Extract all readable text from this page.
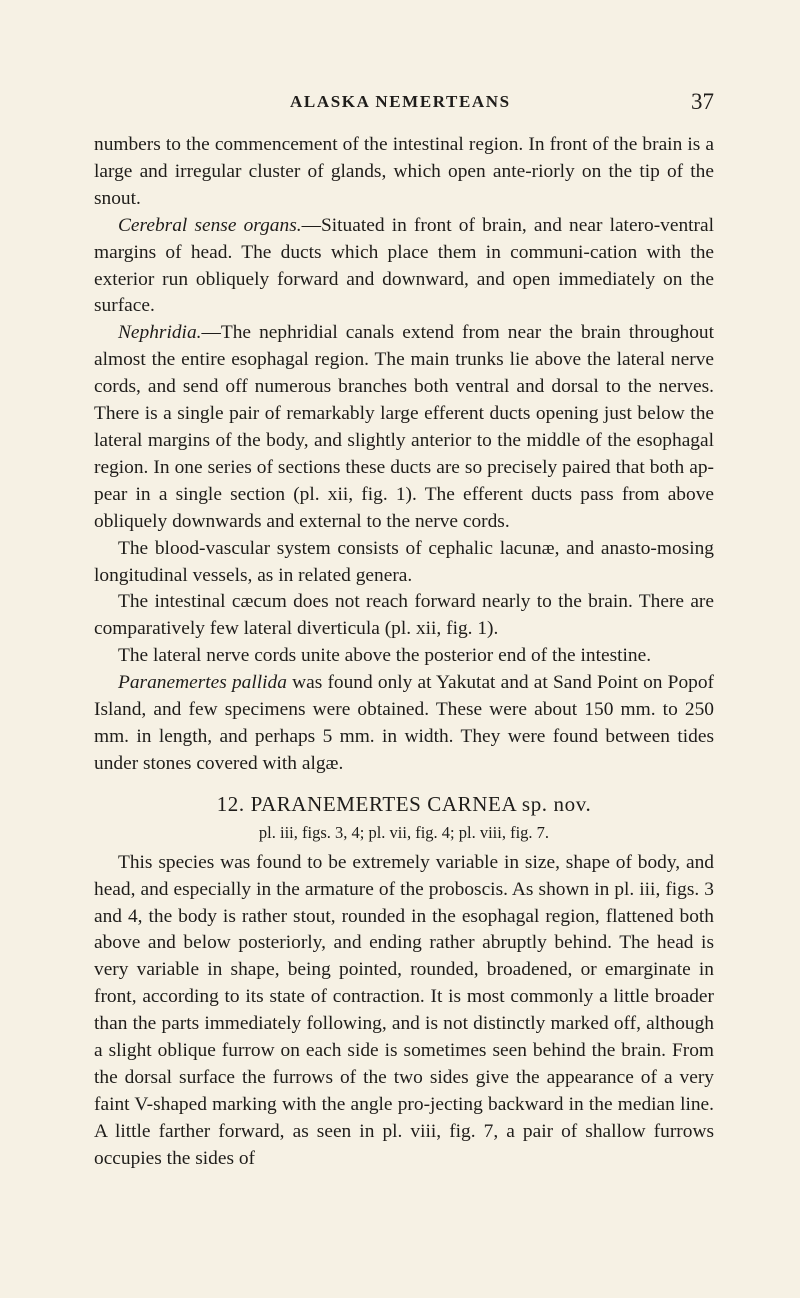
ALASKA NEMERTEANS	37

numbers to the commencement of the intestinal region. In front of the brain is a large and irregular cluster of glands, which open ante-riorly on the tip of the snout.

Cerebral sense organs.—Situated in front of brain, and near latero-ventral margins of head. The ducts which place them in communi-cation with the exterior run obliquely forward and downward, and open immediately on the surface.

Nephridia.—The nephridial canals extend from near the brain throughout almost the entire esophagal region. The main trunks lie above the lateral nerve cords, and send off numerous branches both ventral and dorsal to the nerves. There is a single pair of remarkably large efferent ducts opening just below the lateral margins of the body, and slightly anterior to the middle of the esophagal region. In one series of sections these ducts are so precisely paired that both ap-pear in a single section (pl. xii, fig. 1). The efferent ducts pass from above obliquely downwards and external to the nerve cords.

The blood-vascular system consists of cephalic lacunæ, and anasto-mosing longitudinal vessels, as in related genera.

The intestinal cæcum does not reach forward nearly to the brain. There are comparatively few lateral diverticula (pl. xii, fig. 1).

The lateral nerve cords unite above the posterior end of the intestine.

Paranemertes pallida was found only at Yakutat and at Sand Point on Popof Island, and few specimens were obtained. These were about 150 mm. to 250 mm. in length, and perhaps 5 mm. in width. They were found between tides under stones covered with algæ.

12. PARANEMERTES CARNEA sp. nov.
pl. iii, figs. 3, 4; pl. vii, fig. 4; pl. viii, fig. 7.

This species was found to be extremely variable in size, shape of body, and head, and especially in the armature of the proboscis. As shown in pl. iii, figs. 3 and 4, the body is rather stout, rounded in the esophagal region, flattened both above and below posteriorly, and ending rather abruptly behind. The head is very variable in shape, being pointed, rounded, broadened, or emarginate in front, according to its state of contraction. It is most commonly a little broader than the parts immediately following, and is not distinctly marked off, although a slight oblique furrow on each side is sometimes seen behind the brain. From the dorsal surface the furrows of the two sides give the appearance of a very faint V-shaped marking with the angle pro-jecting backward in the median line. A little farther forward, as seen in pl. viii, fig. 7, a pair of shallow furrows occupies the sides of
